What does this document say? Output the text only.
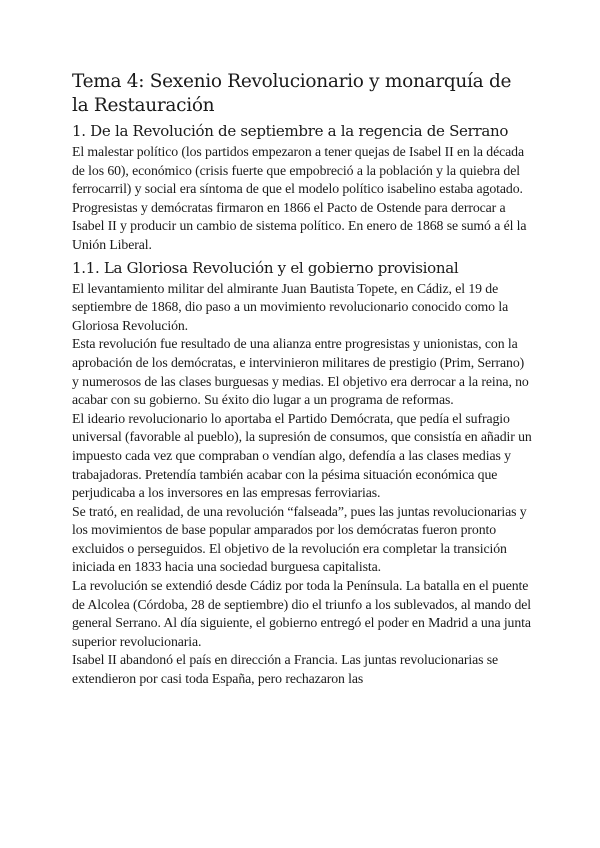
Tema 4: Sexenio Revolucionario y monarquía de la Restauración
1. De la Revolución de septiembre a la regencia de Serrano

El malestar político (los partidos empezaron a tener quejas de Isabel II en la década de los 60), económico (crisis fuerte que empobreció a la población y la quiebra del ferrocarril) y social era síntoma de que el modelo político isabelino estaba agotado. Progresistas y demócratas firmaron en 1866 el Pacto de Ostende para derrocar a Isabel II y producir un cambio de sistema político. En enero de 1868 se sumó a él la Unión Liberal.

1.1. La Gloriosa Revolución y el gobierno provisional

El levantamiento militar del almirante Juan Bautista Topete, en Cádiz, el 19 de septiembre de 1868, dio paso a un movimiento revolucionario conocido como la Gloriosa Revolución.

Esta revolución fue resultado de una alianza entre progresistas y unionistas, con la aprobación de los demócratas, e intervinieron militares de prestigio (Prim, Serrano) y numerosos de las clases burguesas y medias. El objetivo era derrocar a la reina, no acabar con su gobierno. Su éxito dio lugar a un programa de reformas.

El ideario revolucionario lo aportaba el Partido Demócrata, que pedía el sufragio universal (favorable al pueblo), la supresión de consumos, que consistía en añadir un impuesto cada vez que compraban o vendían algo, defendía a las clases medias y trabajadoras. Pretendía también acabar con la pésima situación económica que perjudicaba a los inversores en las empresas ferroviarias.

Se trató, en realidad, de una revolución “falseada”, pues las juntas revolucionarias y los movimientos de base popular amparados por los demócratas fueron pronto excluidos o perseguidos. El objetivo de la revolución era completar la transición iniciada en 1833 hacia una sociedad burguesa capitalista.

La revolución se extendió desde Cádiz por toda la Península. La batalla en el puente de Alcolea (Córdoba, 28 de septiembre) dio el triunfo a los sublevados, al mando del general Serrano. Al día siguiente, el gobierno entregó el poder en Madrid a una junta superior revolucionaria.

Isabel II abandonó el país en dirección a Francia. Las juntas revolucionarias se extendieron por casi toda España, pero rechazaron las
